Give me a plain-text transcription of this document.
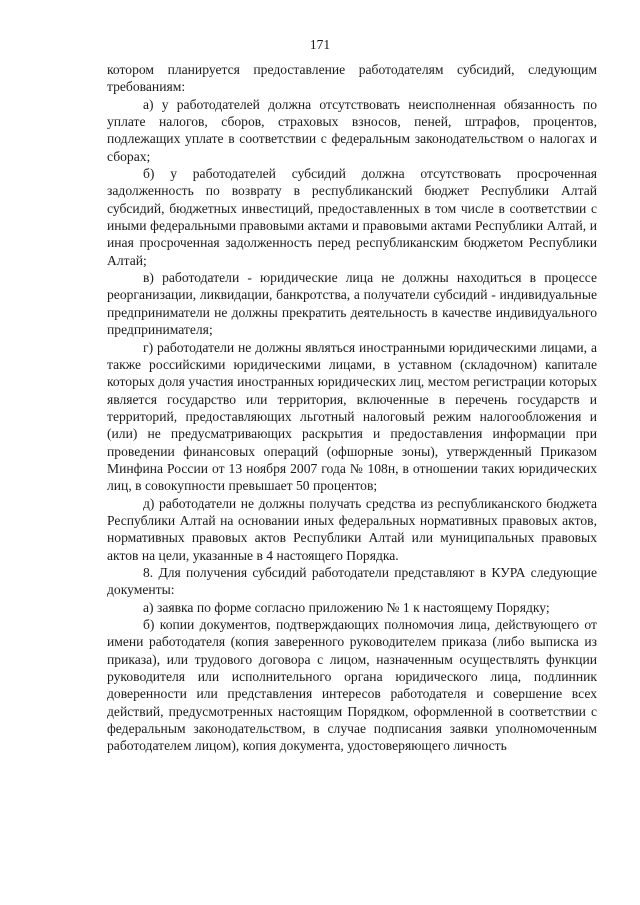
171

котором планируется предоставление работодателям субсидий, следующим требованиям:

а) у работодателей должна отсутствовать неисполненная обязанность по уплате налогов, сборов, страховых взносов, пеней, штрафов, процентов, подлежащих уплате в соответствии с федеральным законодательством о налогах и сборах;

б) у работодателей субсидий должна отсутствовать просроченная задолженность по возврату в республиканский бюджет Республики Алтай субсидий, бюджетных инвестиций, предоставленных в том числе в соответствии с иными федеральными правовыми актами и правовыми актами Республики Алтай, и иная просроченная задолженность перед республиканским бюджетом Республики Алтай;

в) работодатели - юридические лица не должны находиться в процессе реорганизации, ликвидации, банкротства, а получатели субсидий - индивидуальные предприниматели не должны прекратить деятельность в качестве индивидуального предпринимателя;

г) работодатели не должны являться иностранными юридическими лицами, а также российскими юридическими лицами, в уставном (складочном) капитале которых доля участия иностранных юридических лиц, местом регистрации которых является государство или территория, включенные в перечень государств и территорий, предоставляющих льготный налоговый режим налогообложения и (или) не предусматривающих раскрытия и предоставления информации при проведении финансовых операций (офшорные зоны), утвержденный Приказом Минфина России от 13 ноября 2007 года № 108н, в отношении таких юридических лиц, в совокупности превышает 50 процентов;

д) работодатели не должны получать средства из республиканского бюджета Республики Алтай на основании иных федеральных нормативных правовых актов, нормативных правовых актов Республики Алтай или муниципальных правовых актов на цели, указанные в 4 настоящего Порядка.

8. Для получения субсидий работодатели представляют в КУРА следующие документы:

а) заявка по форме согласно приложению № 1 к настоящему Порядку;

б) копии документов, подтверждающих полномочия лица, действующего от имени работодателя (копия заверенного руководителем приказа (либо выписка из приказа), или трудового договора с лицом, назначенным осуществлять функции руководителя или исполнительного органа юридического лица, подлинник доверенности или представления интересов работодателя и совершение всех действий, предусмотренных настоящим Порядком, оформленной в соответствии с федеральным законодательством, в случае подписания заявки уполномоченным работодателем лицом), копия документа, удостоверяющего личность
